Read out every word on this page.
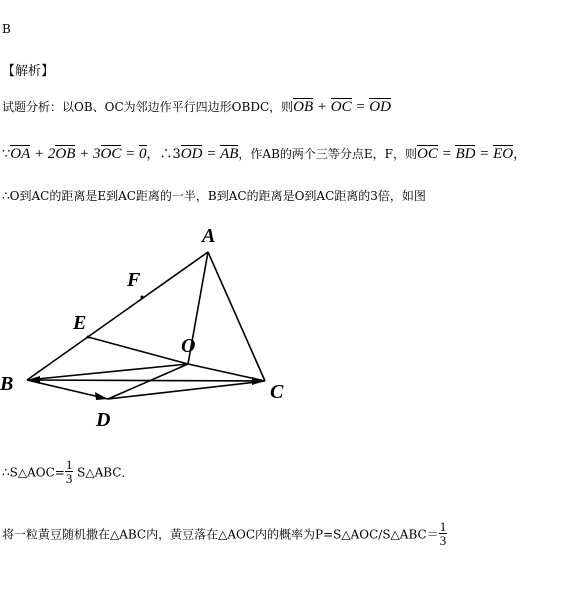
B
【解析】
试题分析：以OB、OC为邻边作平行四边形OBDC，则OB + OC = OD
∵OA + 2OB + 3OC = 0，∴3OD = AB，作AB的两个三等分点E，F，则OC = BD = EO，
∴O到AC的距离是E到AC距离的一半，B到AC的距离是O到AC距离的3倍，如图
A
B	C
D
E
F
O
∴S△AOC= $\frac{1}{3}$ S△ABC．
将一粒黄豆随机撒在△ABC内，黄豆落在△AOC内的概率为P=S△AOC/S△ABC＝ $\frac{1}{3}$
